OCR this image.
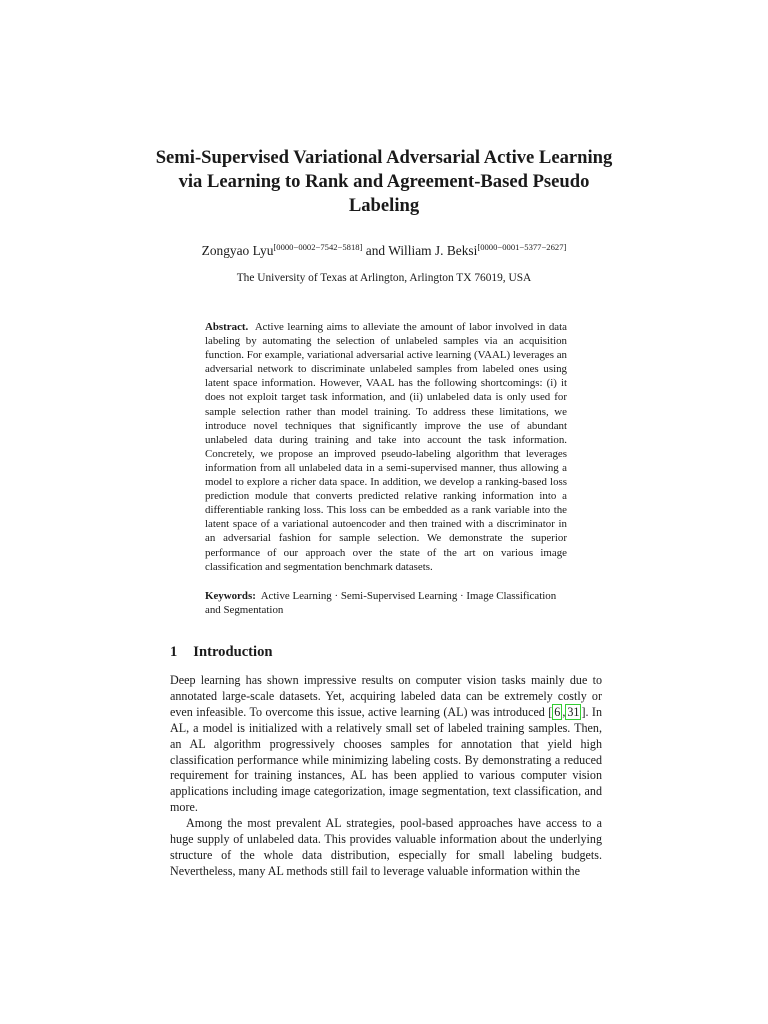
Semi-Supervised Variational Adversarial Active Learning via Learning to Rank and Agreement-Based Pseudo Labeling
Zongyao Lyu[0000−0002−7542−5818] and William J. Beksi[0000−0001−5377−2627]
The University of Texas at Arlington, Arlington TX 76019, USA
Abstract. Active learning aims to alleviate the amount of labor involved in data labeling by automating the selection of unlabeled samples via an acquisition function. For example, variational adversarial active learning (VAAL) leverages an adversarial network to discriminate unlabeled samples from labeled ones using latent space information. However, VAAL has the following shortcomings: (i) it does not exploit target task information, and (ii) unlabeled data is only used for sample selection rather than model training. To address these limitations, we introduce novel techniques that significantly improve the use of abundant unlabeled data during training and take into account the task information. Concretely, we propose an improved pseudo-labeling algorithm that leverages information from all unlabeled data in a semi-supervised manner, thus allowing a model to explore a richer data space. In addition, we develop a ranking-based loss prediction module that converts predicted relative ranking information into a differentiable ranking loss. This loss can be embedded as a rank variable into the latent space of a variational autoencoder and then trained with a discriminator in an adversarial fashion for sample selection. We demonstrate the superior performance of our approach over the state of the art on various image classification and segmentation benchmark datasets.
Keywords: Active Learning · Semi-Supervised Learning · Image Classification and Segmentation
1 Introduction

Deep learning has shown impressive results on computer vision tasks mainly due to annotated large-scale datasets. Yet, acquiring labeled data can be extremely costly or even infeasible. To overcome this issue, active learning (AL) was introduced [ 6 , 31 ]. In AL, a model is initialized with a relatively small set of labeled training samples. Then, an AL algorithm progressively chooses samples for annotation that yield high classification performance while minimizing labeling costs. By demonstrating a reduced requirement for training instances, AL has been applied to various computer vision applications including image categorization, image segmentation, text classification, and more.

Among the most prevalent AL strategies, pool-based approaches have access to a huge supply of unlabeled data. This provides valuable information about the underlying structure of the whole data distribution, especially for small labeling budgets. Nevertheless, many AL methods still fail to leverage valuable information within the
